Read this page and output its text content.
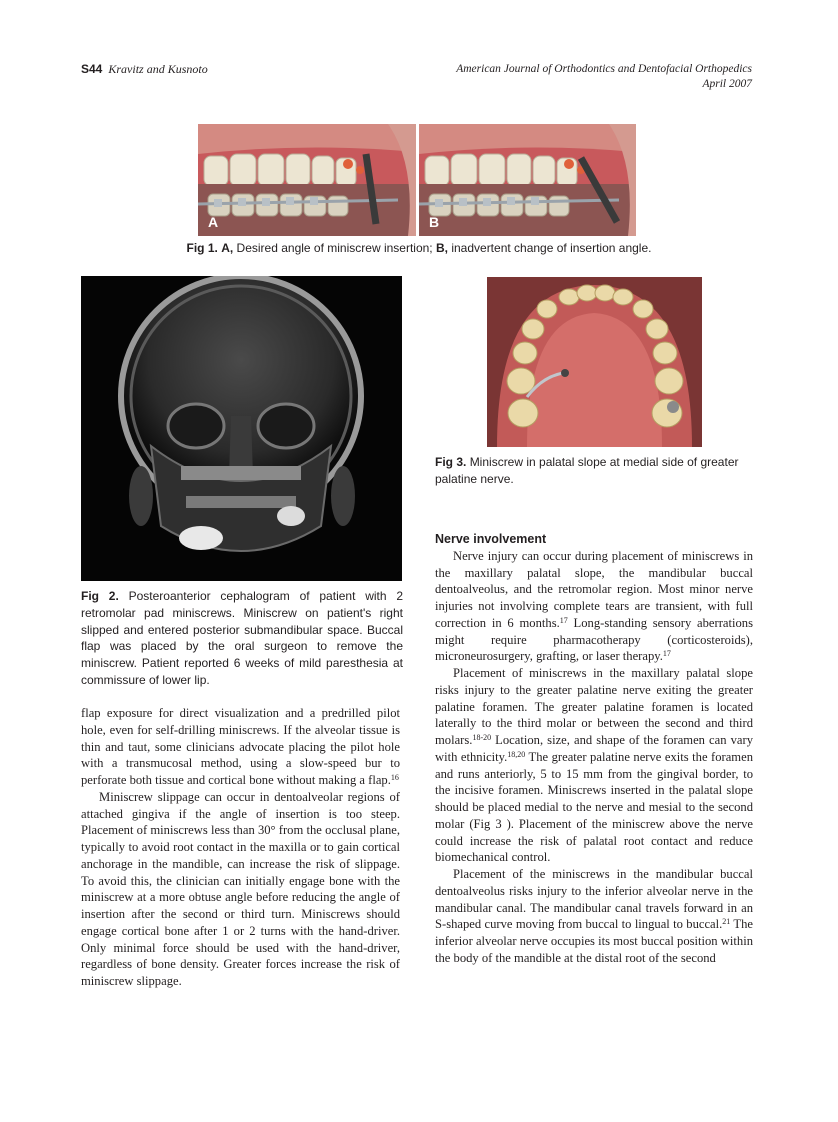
S44 Kravitz and Kusnoto	American Journal of Orthodontics and Dentofacial Orthopedics
April 2007
A	B
Fig 1. A, Desired angle of miniscrew insertion; B, inadvertent change of insertion angle.
Fig 2. Posteroanterior cephalogram of patient with 2 retromolar pad miniscrews. Miniscrew on patient's right slipped and entered posterior submandibular space. Buccal flap was placed by the oral surgeon to remove the miniscrew. Patient reported 6 weeks of mild paresthesia at commissure of lower lip.
Fig 3. Miniscrew in palatal slope at medial side of greater palatine nerve.

flap exposure for direct visualization and a predrilled pilot hole, even for self-drilling miniscrews. If the alveolar tissue is thin and taut, some clinicians advocate placing the pilot hole with a transmucosal method, using a slow-speed bur to perforate both tissue and cortical bone without making a flap.$^{16}$

Miniscrew slippage can occur in dentoalveolar regions of attached gingiva if the angle of insertion is too steep. Placement of miniscrews less than 30° from the occlusal plane, typically to avoid root contact in the maxilla or to gain cortical anchorage in the mandible, can increase the risk of slippage. To avoid this, the clinician can initially engage bone with the miniscrew at a more obtuse angle before reducing the angle of insertion after the second or third turn. Miniscrews should engage cortical bone after 1 or 2 turns with the hand-driver. Only minimal force should be used with the hand-driver, regardless of bone density. Greater forces increase the risk of miniscrew slippage.

Nerve involvement

Nerve injury can occur during placement of miniscrews in the maxillary palatal slope, the mandibular buccal dentoalveolus, and the retromolar region. Most minor nerve injuries not involving complete tears are transient, with full correction in 6 months.$^{17}$ Long-standing sensory aberrations might require pharmacotherapy (corticosteroids), microneurosurgery, grafting, or laser therapy.$^{17}$

Placement of miniscrews in the maxillary palatal slope risks injury to the greater palatine nerve exiting the greater palatine foramen. The greater palatine foramen is located laterally to the third molar or between the second and third molars.$^{18-20}$ Location, size, and shape of the foramen can vary with ethnicity.$^{18,20}$ The greater palatine nerve exits the foramen and runs anteriorly, 5 to 15 mm from the gingival border, to the incisive foramen. Miniscrews inserted in the palatal slope should be placed medial to the nerve and mesial to the second molar (Fig 3 ). Placement of the miniscrew above the nerve could increase the risk of palatal root contact and reduce biomechanical control.

Placement of the miniscrews in the mandibular buccal dentoalveolus risks injury to the inferior alveolar nerve in the mandibular canal. The mandibular canal travels forward in an S-shaped curve moving from buccal to lingual to buccal.$^{21}$ The inferior alveolar nerve occupies its most buccal position within the body of the mandible at the distal root of the second
